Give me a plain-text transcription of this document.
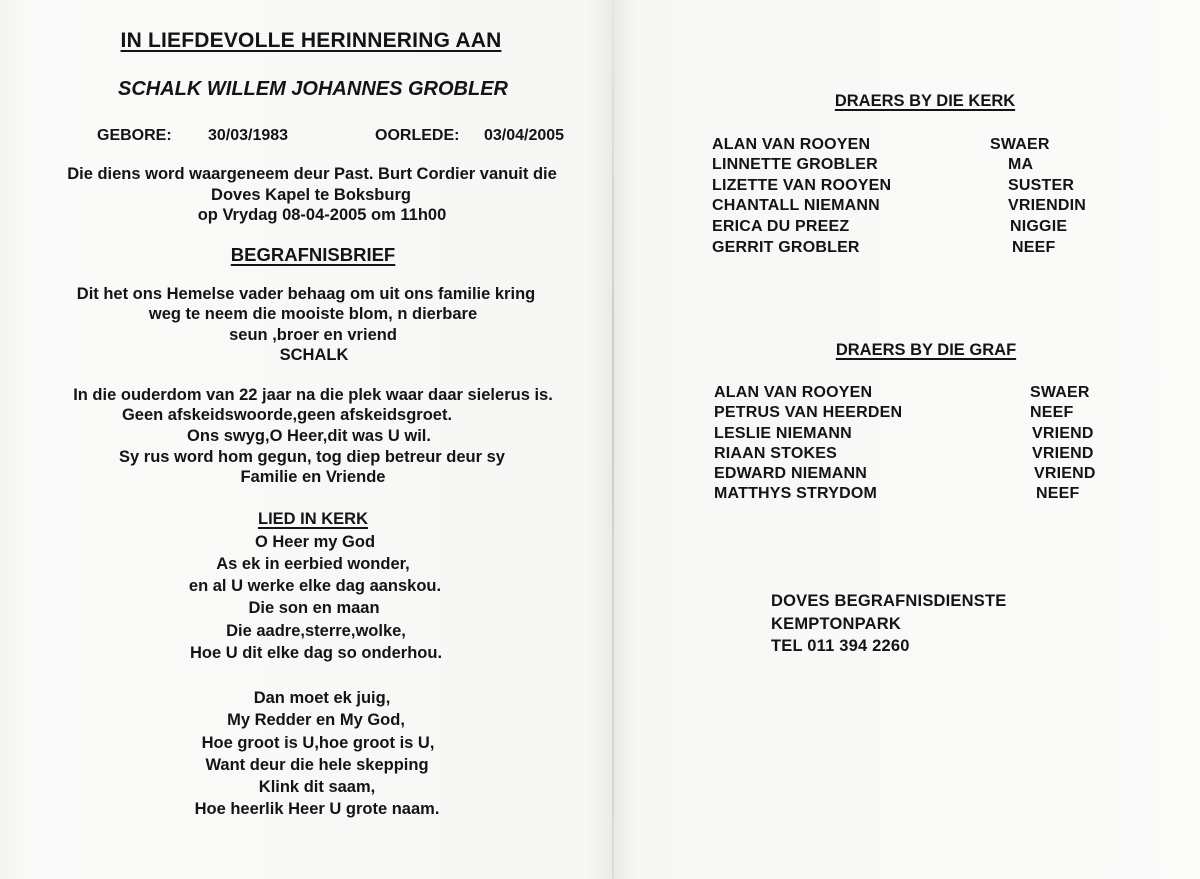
IN LIEFDEVOLLE HERINNERING AAN

SCHALK WILLEM JOHANNES GROBLER

GEBORE: 30/03/1983	OORLEDE: 03/04/2005

Die diens word waargeneem deur Past. Burt Cordier vanuit die

Doves Kapel te Boksburg

op Vrydag 08-04-2005 om 11h00

BEGRAFNISBRIEF

Dit het ons Hemelse vader behaag om uit ons familie kring

weg te neem die mooiste blom, n dierbare

seun ,broer en vriend

SCHALK

In die ouderdom van 22 jaar na die plek waar daar sielerus is.

Geen afskeidswoorde,geen afskeidsgroet.

Ons swyg,O Heer,dit was U wil.

Sy rus word hom gegun, tog diep betreur deur sy

Familie en Vriende

LIED IN KERK

O Heer my God

As ek in eerbied wonder,

en al U werke elke dag aanskou.

Die son en maan

Die aadre,sterre,wolke,

Hoe U dit elke dag so onderhou.

Dan moet ek juig,

My Redder en My God,

Hoe groot is U,hoe groot is U,

Want deur die hele skepping

Klink dit saam,

Hoe heerlik Heer U grote naam.

DRAERS BY DIE KERK

ALAN VAN ROOYEN	SWAER

LINNETTE GROBLER	MA

LIZETTE VAN ROOYEN	SUSTER

CHANTALL NIEMANN	VRIENDIN

ERICA DU PREEZ	NIGGIE

GERRIT GROBLER	NEEF

DRAERS BY DIE GRAF

ALAN VAN ROOYEN	SWAER

PETRUS VAN HEERDEN	NEEF

LESLIE NIEMANN	VRIEND

RIAAN STOKES	VRIEND

EDWARD NIEMANN	VRIEND

MATTHYS STRYDOM	NEEF

DOVES BEGRAFNISDIENSTE

KEMPTONPARK

TEL 011 394 2260
